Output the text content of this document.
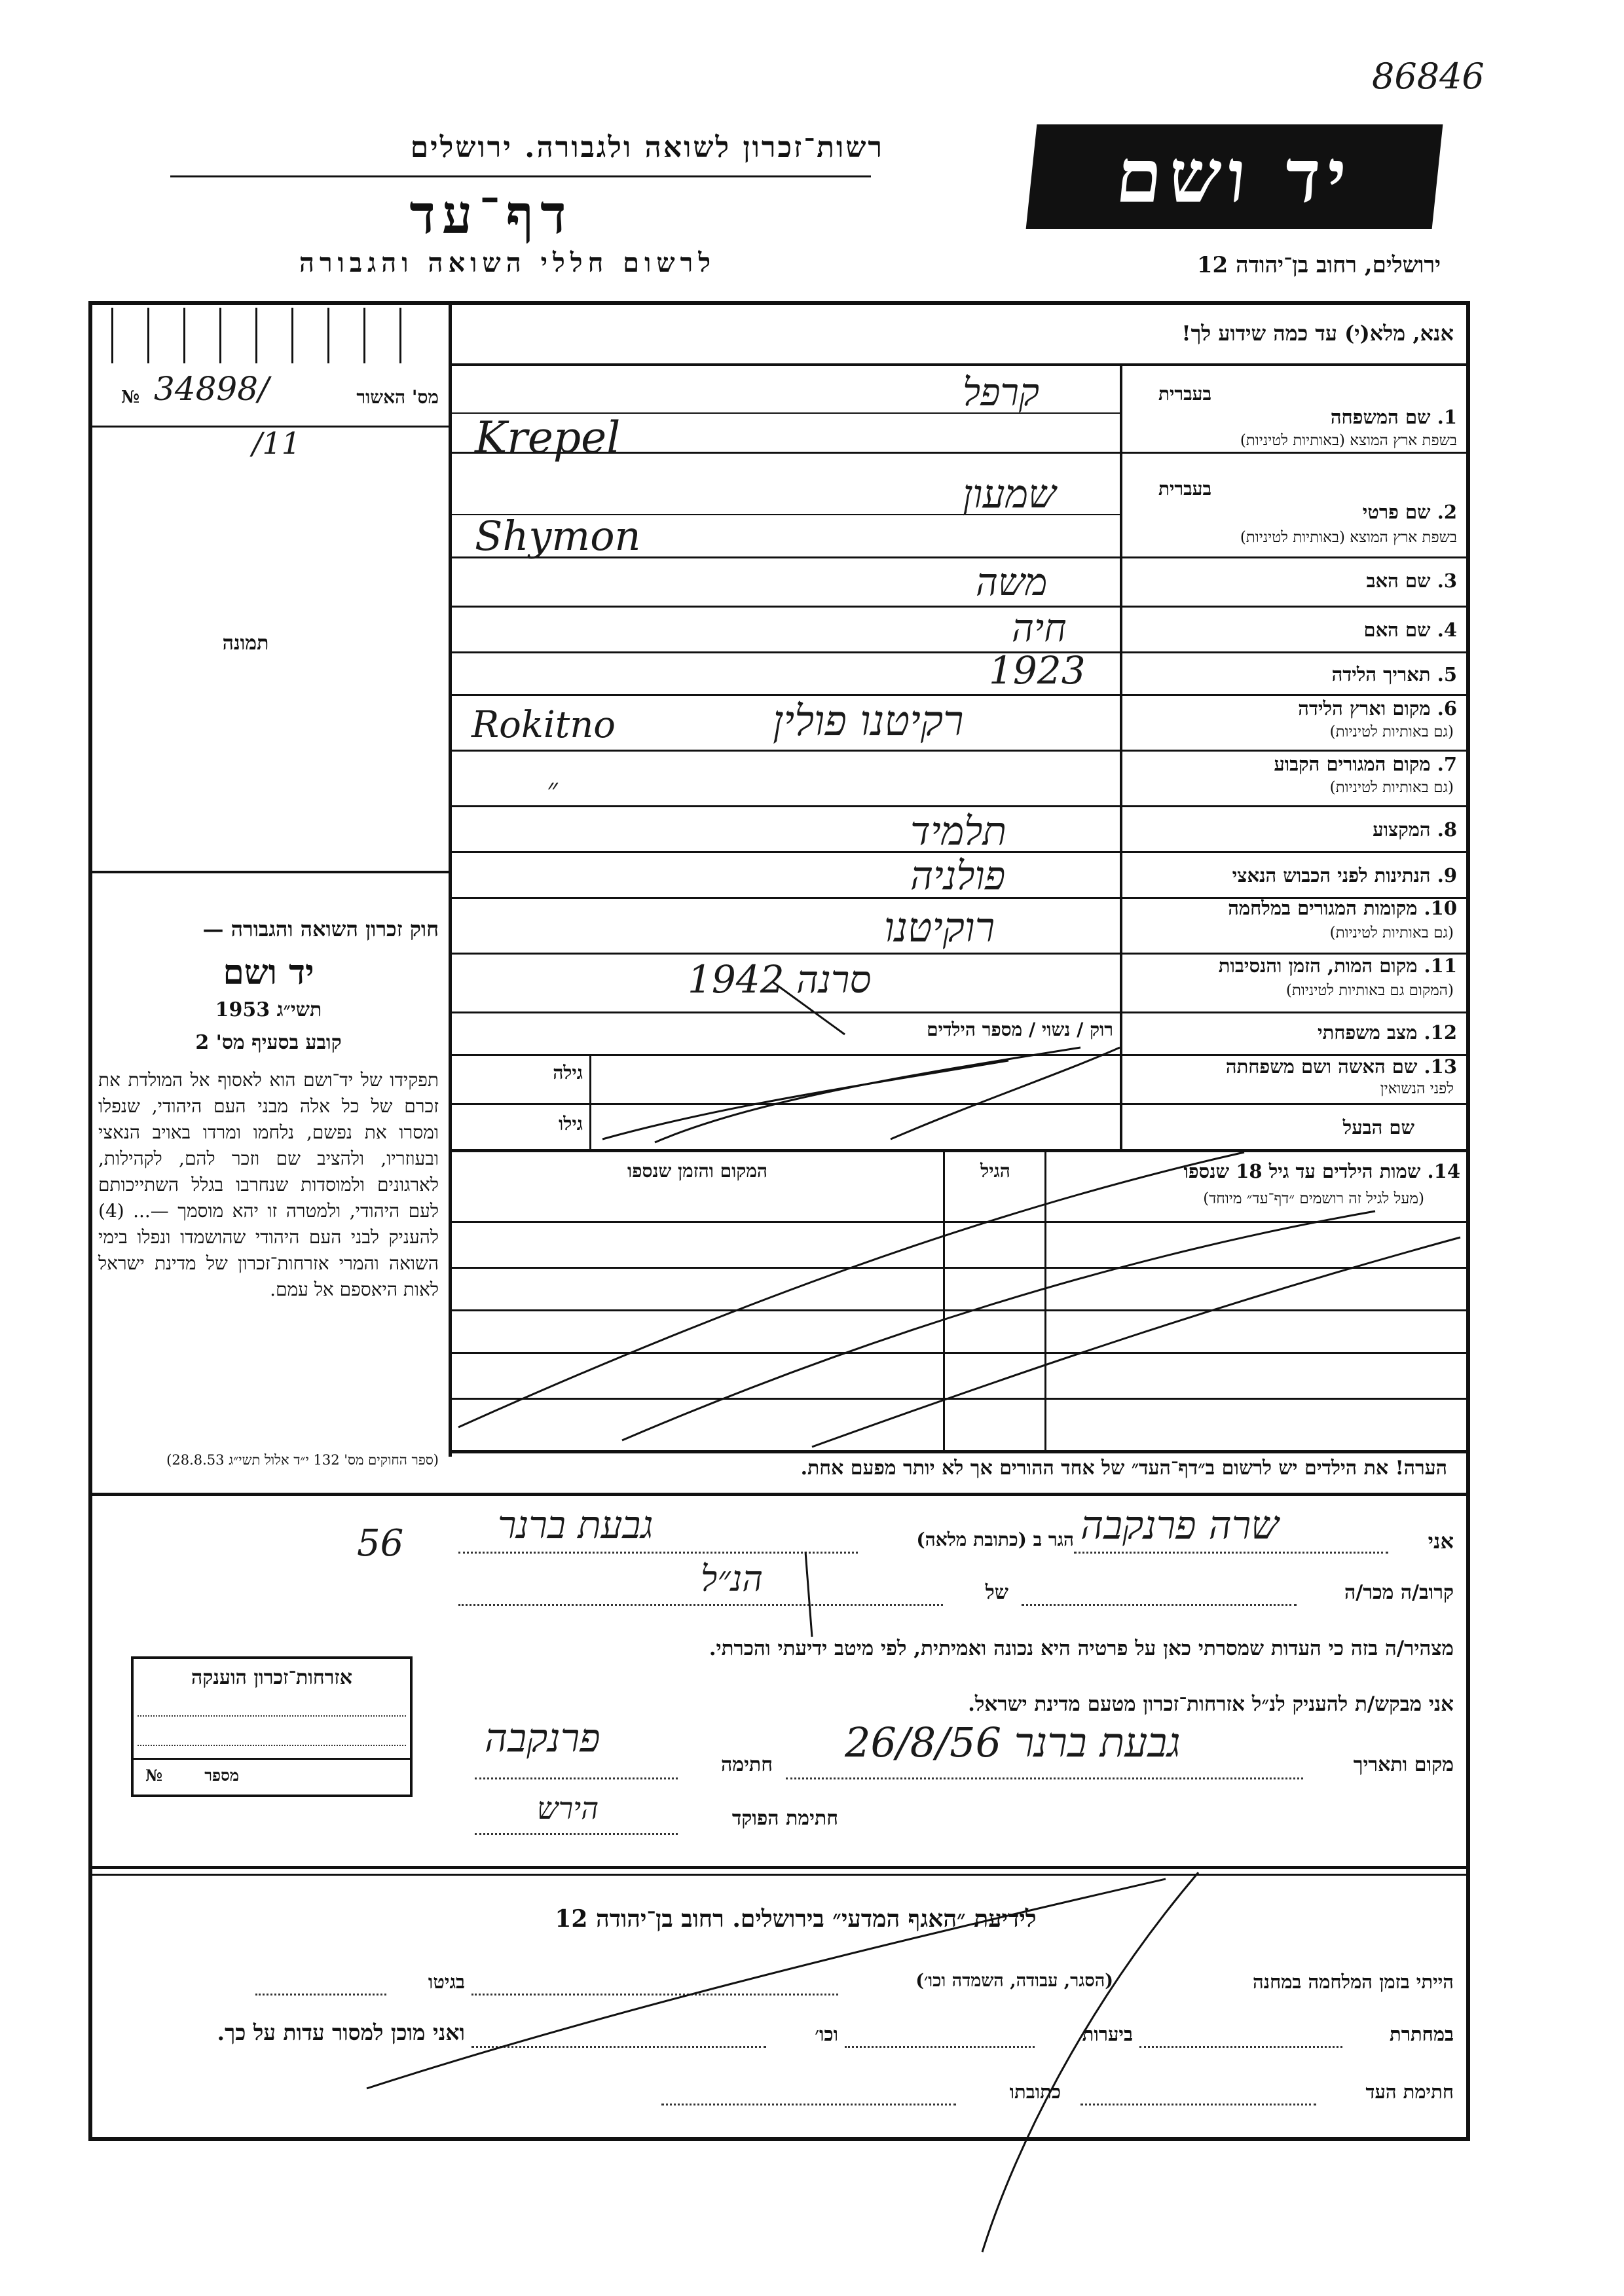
86846
רשות־זכרון לשואה ולגבורה. ירושלים
דף־עד
לרשום חללי השואה והגבורה
יד ושם
ירושלים, רחוב בן־יהודה 12
אנא, מלא(י) עד כמה שידוע לך!
№ 34898/	מס' האשור
/11
תמונה
חוק זכרון השואה והגבורה —
יד ושם
תשי״ג 1953
קובע בסעיף מס' 2
תפקידו של יד־ושם הוא לאסוף אל המולדת את זכרם של כל אלה מבני העם היהודי, שנפלו ומסרו את נפשם, נלחמו ומרדו באויב הנאצי ובעוזריו, ולהציב שם וזכר להם, לקהילות, לארגונים ולמוסדות שנחרבו בגלל השתייכותם לעם היהודי, ולמטרה זו יהא מוסמך —... (4) להעניק לבני העם היהודי שהושמדו ונפלו בימי השואה והמרי אזרחות־זכרון של מדינת ישראל לאות היאספם אל עמם.
(ספר החוקים מס' 132 י״ד אלול תשי״ג 28.8.53)
בעברית
1. שם המשפחה
בשפת ארץ המוצא (באותיות לטיניות)
קרפל
Krepel
בעברית
2. שם פרטי
בשפת ארץ המוצא (באותיות לטיניות)
שמעון
Shymon
3. שם האב
משה
4. שם האם
חיה
5. תאריך הלידה
1923
6. מקום וארץ הלידה
(גם באותיות לטיניות)
רקיטנו פולין
Rokitno
7. מקום המגורים הקבוע
(גם באותיות לטיניות)
״
8. המקצוע
תלמיד
9. הנתינות לפני הכבוש הנאצי
פולניה
10. מקומות המגורים במלחמה
(גם באותיות לטיניות)
רוקיטנו
11. מקום המות, הזמן והנסיבות
(המקום גם באותיות לטיניות)
סרנה 1942
12. מצב משפחתי
רוק / נשוי / מספר הילדים
13. שם האשה ושם משפחתה
לפני הנשואין
גילה
שם הבעל
גילו
14. שמות הילדים עד גיל 18 שנספו
(מעל לגיל זה רושמים ״דף־עד״ מיוחד)
הגיל
המקום והזמן שנספו
הערה! את הילדים יש לרשום ב״דף־העד״ של אחד ההורים אך לא יותר מפעם אחת.
56	אני
שרה פרנקבה
הגר ב (כתובת מלאה)
גבעת ברנר
קרוב/ה מכר/ה
של
הנ״ל
מצהיר/ה בזה כי העדות שמסרתי כאן על פרטיה היא נכונה ואמיתית, לפי מיטב ידיעתי והכרתי.
אני מבקש/ת להעניק לנ״ל אזרחות־זכרון מטעם מדינת ישראל.
מקום ותאריך
גבעת ברנר 26/8/56
חתימה
פרנקבה
חתימת הפוקד
הירש
אזרחות־זכרון הוענקה
מספר
№
לידיעת ״האגף המדעי״ בירושלים. רחוב בן־יהודה 12
הייתי בזמן המלחמה במחנה
(הסגר, עבודה, השמדה וכו׳)
בגיטו
במחתרת
ביערות
וכו׳
ואני מוכן למסור עדות על כך.
חתימת העד
כתובתו
